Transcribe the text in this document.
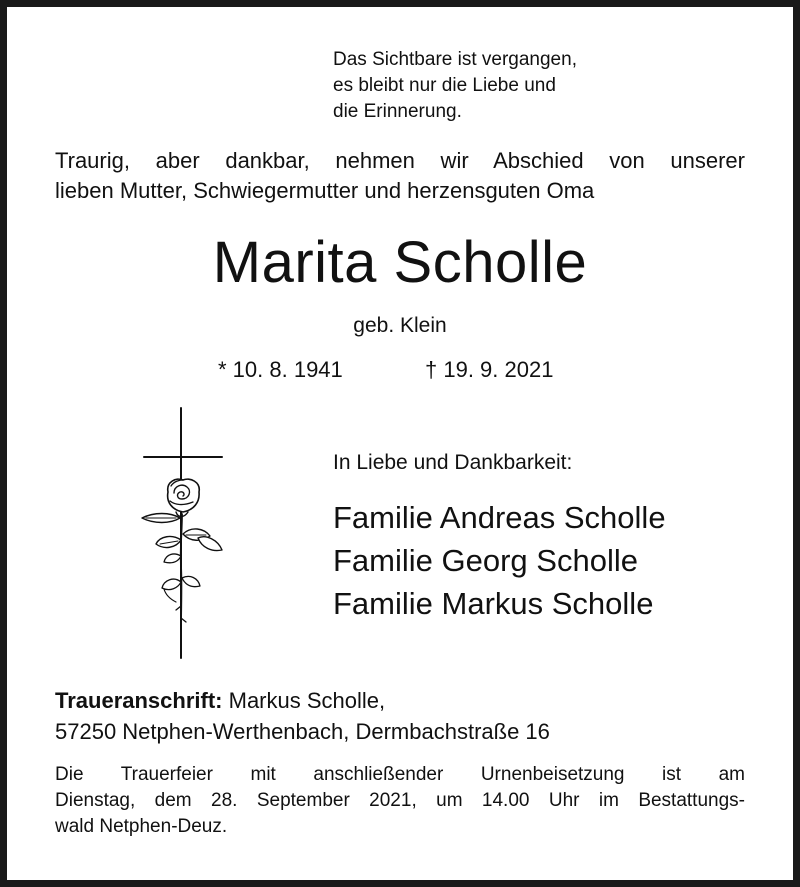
Das Sichtbare ist vergangen,
es bleibt nur die Liebe und
die Erinnerung.
Traurig, aber dankbar, nehmen wir Abschied von unserer
lieben Mutter, Schwiegermutter und herzensguten Oma
Marita Scholle
geb. Klein
* 10. 8. 1941	† 19. 9. 2021
In Liebe und Dankbarkeit:
Familie Andreas Scholle
Familie Georg Scholle
Familie Markus Scholle
Traueranschrift: Markus Scholle,
57250 Netphen-Werthenbach, Dermbachstraße 16
Die Trauerfeier mit anschließender Urnenbeisetzung ist am
Dienstag, dem 28. September 2021, um 14.00 Uhr im Bestattungs-
wald Netphen-Deuz.
